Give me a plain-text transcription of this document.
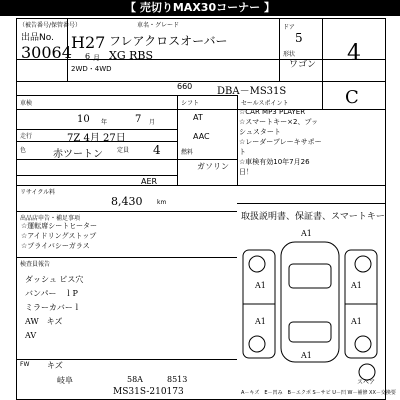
【 売切りMAX30コーナー 】
（被告番号/保管番号）
出品No.
30064
H27
6 月
車名・グレード
フレアクロスオーバー
XG RBS
ドア
5
形状
ワゴン 4
C
2WD・4WD
660 DBA－MS31S
車検
10 年	7 月
走行	7Z 4月 27日
色	赤ツートン 定員 4
AER
シフト
AT
AAC
燃料
ガソリン
リサイクル料
8,430 km
セールスポイント
☆CAR MP3 PLAYER
☆スマートキー×2、プッシュスタート
☆レーダーブレーキサポート
☆車検有効10年7月26日！
取扱説明書、保証書、スマートキー
出品店申告・補足事項
☆運転席シートヒーター
☆アイドリングストップ
☆プライバシーガラス
検査員報告
ダッシュ ビス穴
バンパー　ｌP
ミラーカバーｌ
AW　キズ
AV
FW キズ
岐阜	58A	8513
MS31S-210173	A－キズ　E－凹み　B－エクボ S－サビ U－凹 W－補修 XX－交換要
スペア
A1
A1
A1
A1
A1
A1
